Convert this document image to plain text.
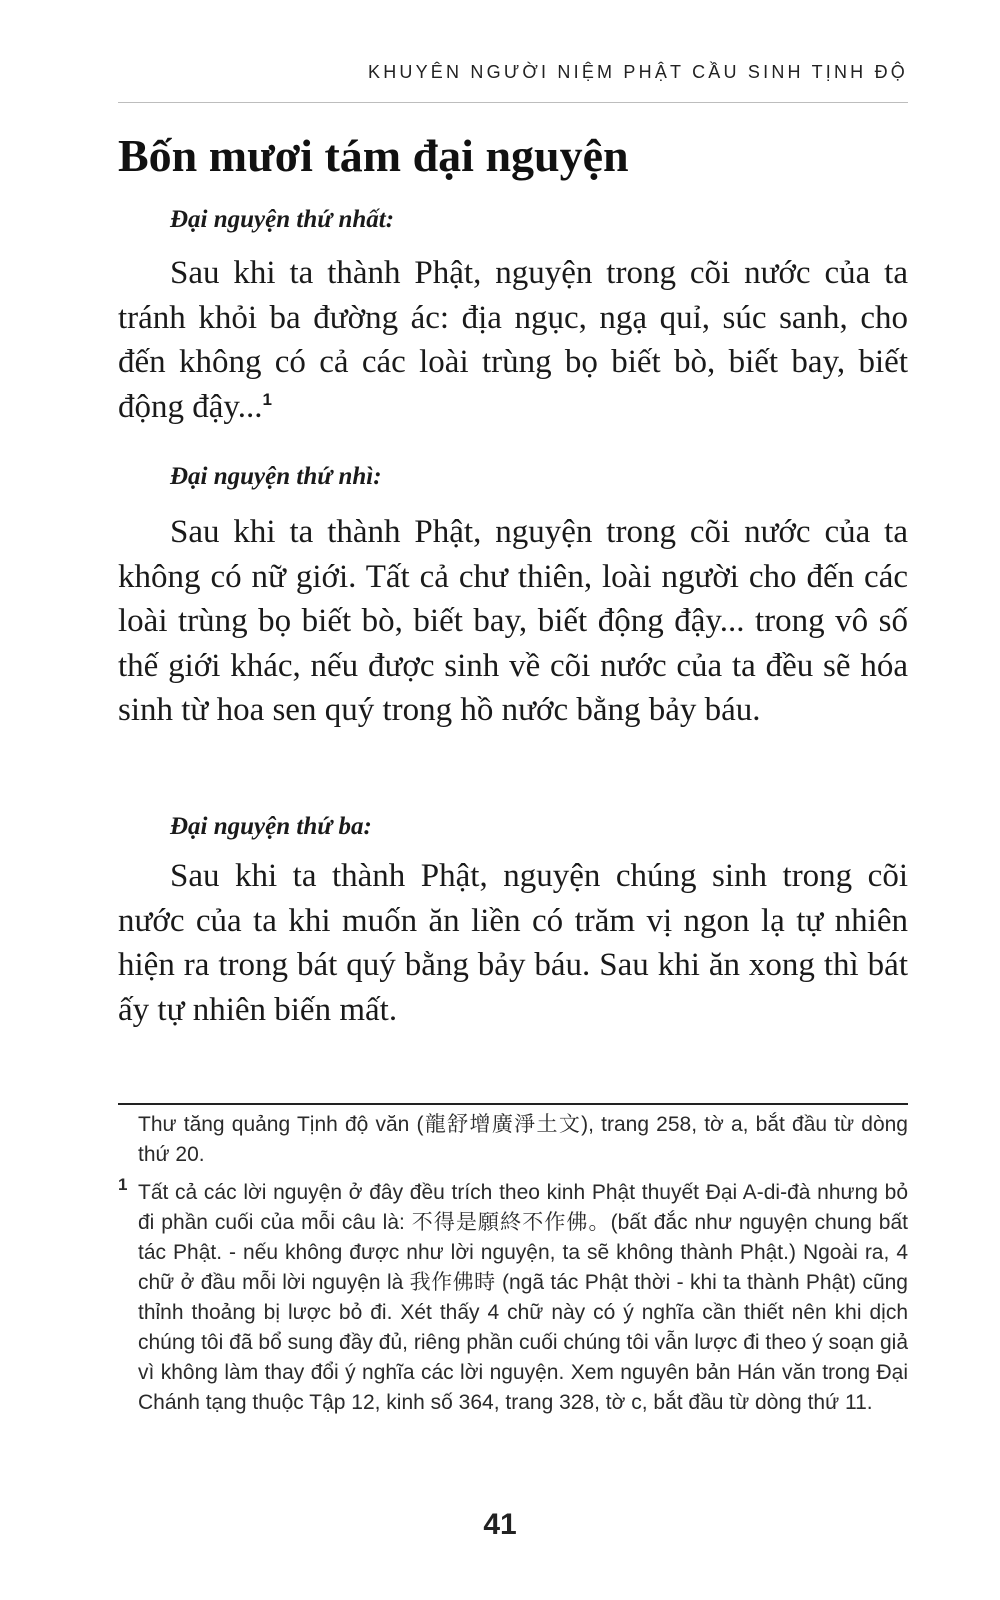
KHUYÊN NGƯỜI NIỆM PHẬT CẦU SINH TỊNH ĐỘ
Bốn mươi tám đại nguyện

Đại nguyện thứ nhất:

Sau khi ta thành Phật, nguyện trong cõi nước của ta tránh khỏi ba đường ác: địa ngục, ngạ quỉ, súc sanh, cho đến không có cả các loài trùng bọ biết bò, biết bay, biết động đậy...$^1$

Đại nguyện thứ nhì:

Sau khi ta thành Phật, nguyện trong cõi nước của ta không có nữ giới. Tất cả chư thiên, loài người cho đến các loài trùng bọ biết bò, biết bay, biết động đậy... trong vô số thế giới khác, nếu được sinh về cõi nước của ta đều sẽ hóa sinh từ hoa sen quý trong hồ nước bằng bảy báu.

Đại nguyện thứ ba:

Sau khi ta thành Phật, nguyện chúng sinh trong cõi nước của ta khi muốn ăn liền có trăm vị ngon lạ tự nhiên hiện ra trong bát quý bằng bảy báu. Sau khi ăn xong thì bát ấy tự nhiên biến mất.

Thư tăng quảng Tịnh độ văn (龍舒增廣淨土文), trang 258, tờ a, bắt đầu từ dòng thứ 20.

1 Tất cả các lời nguyện ở đây đều trích theo kinh Phật thuyết Đại A-di-đà nhưng bỏ đi phần cuối của mỗi câu là: 不得是願終不作佛。(bất đắc như nguyện chung bất tác Phật. - nếu không được như lời nguyện, ta sẽ không thành Phật.) Ngoài ra, 4 chữ ở đầu mỗi lời nguyện là 我作佛時 (ngã tác Phật thời - khi ta thành Phật) cũng thỉnh thoảng bị lược bỏ đi. Xét thấy 4 chữ này có ý nghĩa cần thiết nên khi dịch chúng tôi đã bổ sung đầy đủ, riêng phần cuối chúng tôi vẫn lược đi theo ý soạn giả vì không làm thay đổi ý nghĩa các lời nguyện. Xem nguyên bản Hán văn trong Đại Chánh tạng thuộc Tập 12, kinh số 364, trang 328, tờ c, bắt đầu từ dòng thứ 11.

41
